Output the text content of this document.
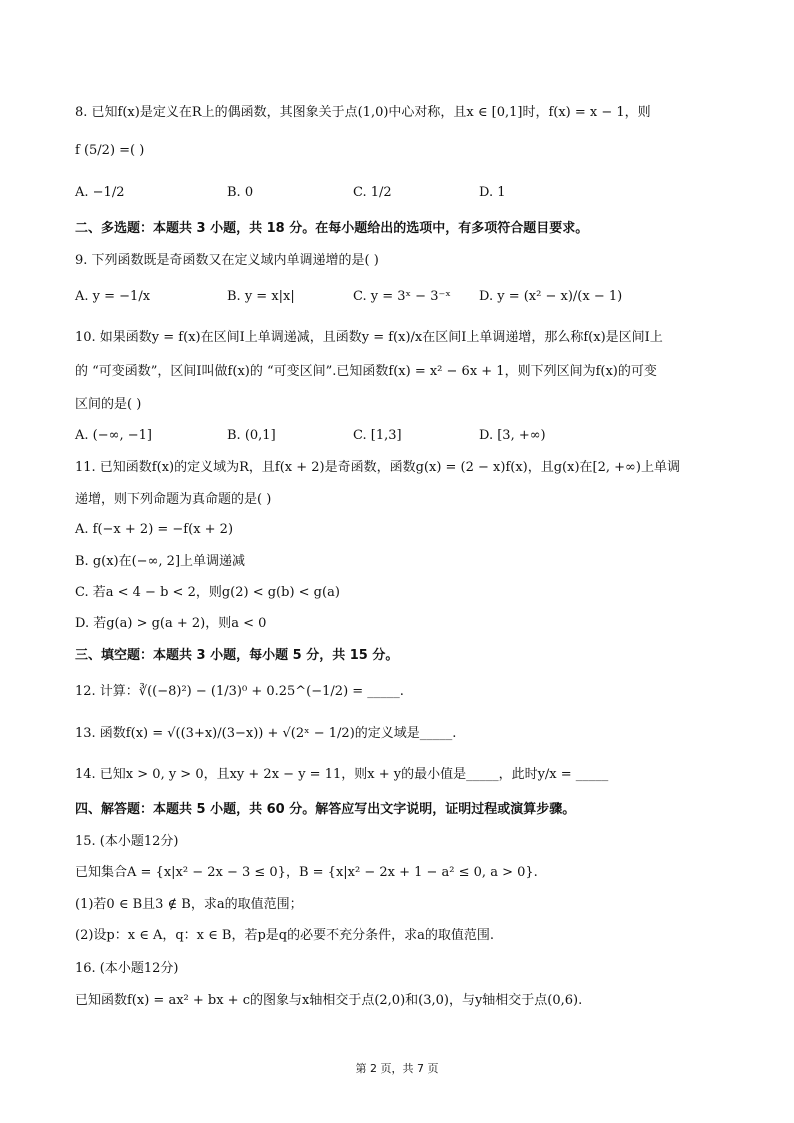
8. 已知f(x)是定义在R上的偶函数，其图象关于点(1,0)中心对称，且x ∈ [0,1]时，f(x) = x − 1，则
f (5/2) =( )
A. −1/2	B. 0	C. 1/2	D. 1
二、多选题：本题共 3 小题，共 18 分。在每小题给出的选项中，有多项符合题目要求。
9. 下列函数既是奇函数又在定义域内单调递增的是( )
A. y = −1/x	B. y = x|x|	C. y = 3ˣ − 3⁻ˣ D. y = (x² − x)/(x − 1)
10. 如果函数y = f(x)在区间I上单调递减，且函数y = f(x)/x在区间I上单调递增，那么称f(x)是区间I上
的 “可变函数”，区间I叫做f(x)的 “可变区间”.已知函数f(x) = x² − 6x + 1，则下列区间为f(x)的可变
区间的是( )
A. (−∞, −1]	B. (0,1]	C. [1,3]	D. [3, +∞)
11. 已知函数f(x)的定义域为R，且f(x + 2)是奇函数，函数g(x) = (2 − x)f(x)，且g(x)在[2, +∞)上单调
递增，则下列命题为真命题的是( )
A. f(−x + 2) = −f(x + 2)
B. g(x)在(−∞, 2]上单调递减
C. 若a < 4 − b < 2，则g(2) < g(b) < g(a)
D. 若g(a) > g(a + 2)，则a < 0
三、填空题：本题共 3 小题，每小题 5 分，共 15 分。
12. 计算：∛((−8)²) − (1/3)⁰ + 0.25^(−1/2) = _____.
13. 函数f(x) = √((3+x)/(3−x)) + √(2ˣ − 1/2)的定义域是_____.
14. 已知x > 0, y > 0，且xy + 2x − y = 11，则x + y的最小值是_____，此时y/x = _____
四、解答题：本题共 5 小题，共 60 分。解答应写出文字说明，证明过程或演算步骤。
15. (本小题12分)
已知集合A = {x|x² − 2x − 3 ≤ 0}，B = {x|x² − 2x + 1 − a² ≤ 0, a > 0}.
(1)若0 ∈ B且3 ∉ B，求a的取值范围；
(2)设p：x ∈ A，q：x ∈ B，若p是q的必要不充分条件，求a的取值范围.
16. (本小题12分)
已知函数f(x) = ax² + bx + c的图象与x轴相交于点(2,0)和(3,0)，与y轴相交于点(0,6).
第 2 页，共 7 页
